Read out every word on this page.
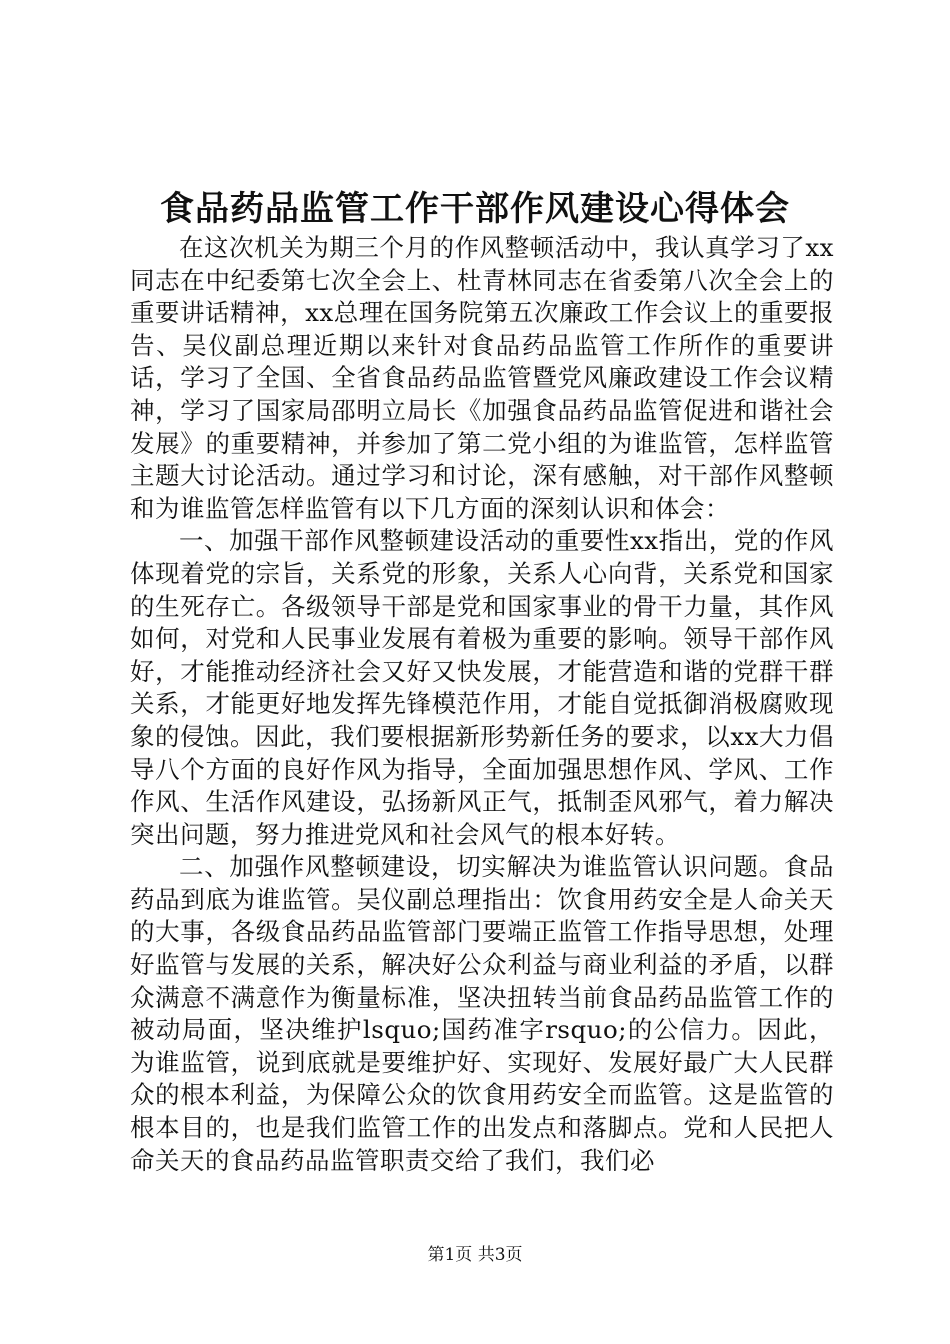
食品药品监管工作干部作风建设心得体会

在这次机关为期三个月的作风整顿活动中，我认真学习了xx同志在中纪委第七次全会上、杜青林同志在省委第八次全会上的重要讲话精神，xx总理在国务院第五次廉政工作会议上的重要报告、吴仪副总理近期以来针对食品药品监管工作所作的重要讲话，学习了全国、全省食品药品监管暨党风廉政建设工作会议精神，学习了国家局邵明立局长《加强食品药品监管促进和谐社会发展》的重要精神，并参加了第二党小组的为谁监管，怎样监管主题大讨论活动。通过学习和讨论，深有感触，对干部作风整顿和为谁监管怎样监管有以下几方面的深刻认识和体会：

一、加强干部作风整顿建设活动的重要性xx指出，党的作风体现着党的宗旨，关系党的形象，关系人心向背，关系党和国家的生死存亡。各级领导干部是党和国家事业的骨干力量，其作风如何，对党和人民事业发展有着极为重要的影响。领导干部作风好，才能推动经济社会又好又快发展，才能营造和谐的党群干群关系，才能更好地发挥先锋模范作用，才能自觉抵御消极腐败现象的侵蚀。因此，我们要根据新形势新任务的要求，以xx大力倡导八个方面的良好作风为指导，全面加强思想作风、学风、工作作风、生活作风建设，弘扬新风正气，抵制歪风邪气，着力解决突出问题，努力推进党风和社会风气的根本好转。

二、加强作风整顿建设，切实解决为谁监管认识问题。食品药品到底为谁监管。吴仪副总理指出：饮食用药安全是人命关天的大事，各级食品药品监管部门要端正监管工作指导思想，处理好监管与发展的关系，解决好公众利益与商业利益的矛盾，以群众满意不满意作为衡量标准，坚决扭转当前食品药品监管工作的被动局面，坚决维护lsquo;国药准字rsquo;的公信力。因此，为谁监管，说到底就是要维护好、实现好、发展好最广大人民群众的根本利益，为保障公众的饮食用药安全而监管。这是监管的根本目的，也是我们监管工作的出发点和落脚点。党和人民把人命关天的食品药品监管职责交给了我们，我们必

第1页 共3页
